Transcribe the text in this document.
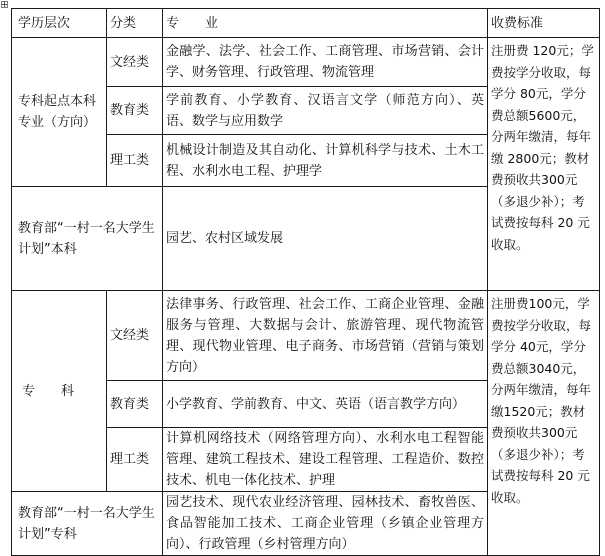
学历层次	分类	专　　业	收费标准
专科起点本科专业（方向）	文经类	金融学、法学、社会工作、工商管理、市场营销、会计学、财务管理、行政管理、物流管理	注册费 120元；学费按学分收取，每学分 80元，学分费总额5600元，分两年缴清，每年缴 2800元；教材费预收共300元（多退少补）；考试费按每科 20 元收取。
	教育类	学前教育、小学教育、汉语言文学（师范方向）、英语、数学与应用数学	
	理工类	机械设计制造及其自动化、计算机科学与技术、土木工程、水利水电工程、护理学	
教育部“一村一名大学生计划”本科		园艺、农村区域发展	
专　　科	文经类	法律事务、行政管理、社会工作、工商企业管理、金融服务与管理、大数据与会计、旅游管理、现代物流管理、现代物业管理、电子商务、市场营销（营销与策划方向）	注册费100元，学费按学分收取，每学分 40元，学分费总额3040元，分两年缴清，每年缴1520元；教材费预收共300元（多退少补）；考试费按每科 20 元收取。
	教育类	小学教育、学前教育、中文、英语（语言教学方向）	
	理工类	计算机网络技术（网络管理方向）、水利水电工程智能管理、建筑工程技术、建设工程管理、工程造价、数控技术、机电一体化技术、护理	
教育部“一村一名大学生计划”专科		园艺技术、现代农业经济管理、园林技术、畜牧兽医、食品智能加工技术、工商企业管理（乡镇企业管理方向）、行政管理（乡村管理方向）	
